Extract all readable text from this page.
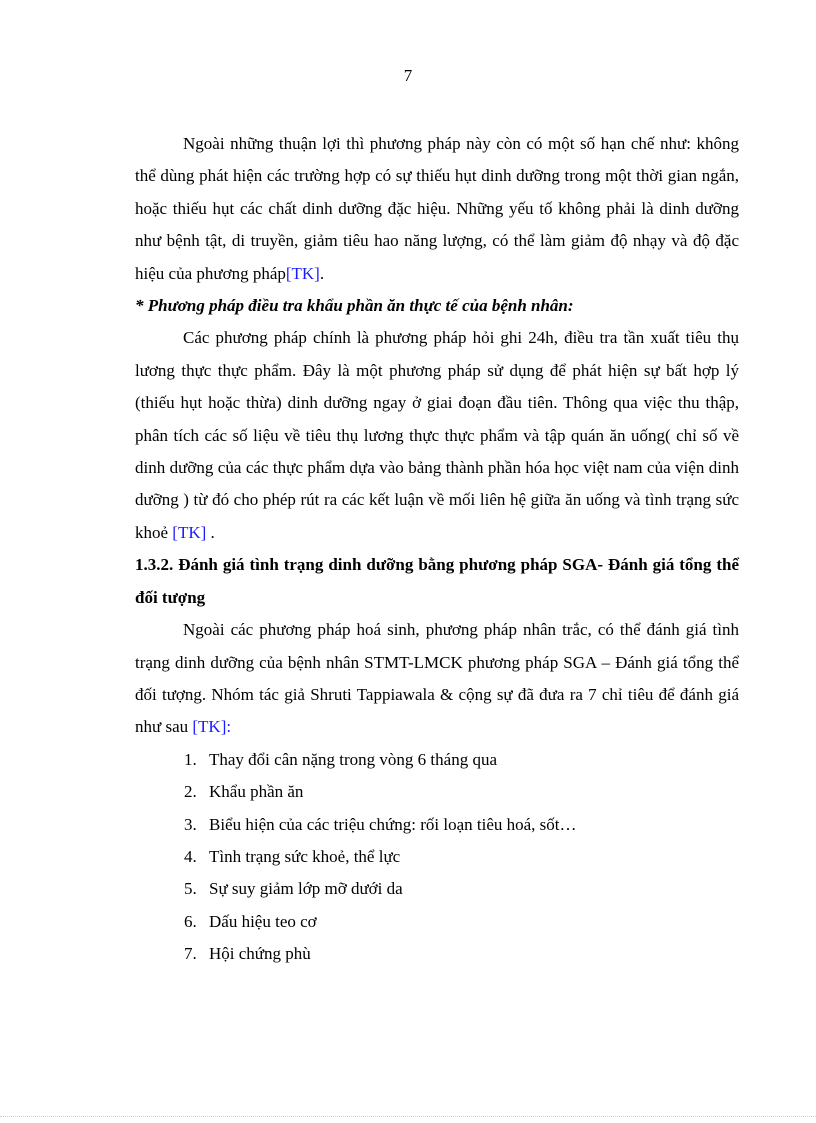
7

Ngoài những thuận lợi thì phương pháp này còn có một số hạn chế như: không thể dùng phát hiện các trường hợp có sự thiếu hụt dinh dưỡng trong một thời gian ngắn, hoặc thiếu hụt các chất dinh dưỡng đặc hiệu. Những yếu tố không phải là dinh dưỡng như bệnh tật, di truyền, giảm tiêu hao năng lượng, có thể làm giảm độ nhạy và độ đặc hiệu của phương pháp[TK].

* Phương pháp điều tra khẩu phần ăn thực tế của bệnh nhân:

Các phương pháp chính là phương pháp hỏi ghi 24h, điều tra tần xuất tiêu thụ lương thực thực phẩm. Đây là một phương pháp sử dụng để phát hiện sự bất hợp lý (thiếu hụt hoặc thừa) dinh dưỡng ngay ở giai đoạn đầu tiên. Thông qua việc thu thập, phân tích các số liệu về tiêu thụ lương thực thực phẩm và tập quán ăn uống( chỉ số về dinh dưỡng của các thực phẩm dựa vào bảng thành phần hóa học việt nam của viện dinh dưỡng ) từ đó cho phép rút ra các kết luận về mối liên hệ giữa ăn uống và tình trạng sức khoẻ [TK] .

1.3.2. Đánh giá tình trạng dinh dưỡng bằng phương pháp SGA- Đánh giá tổng thể đối tượng

Ngoài các phương pháp hoá sinh, phương pháp nhân trắc, có thể đánh giá tình trạng dinh dưỡng của bệnh nhân STMT-LMCK phương pháp SGA – Đánh giá tổng thể đối tượng. Nhóm tác giả Shruti Tappiawala & cộng sự đã đưa ra 7 chỉ tiêu để đánh giá như sau [TK]:

1. Thay đổi cân nặng trong vòng 6 tháng qua
2. Khẩu phần ăn
3. Biểu hiện của các triệu chứng: rối loạn tiêu hoá, sốt…
4. Tình trạng sức khoẻ, thể lực
5. Sự suy giảm lớp mỡ dưới da
6. Dấu hiệu teo cơ
7. Hội chứng phù
